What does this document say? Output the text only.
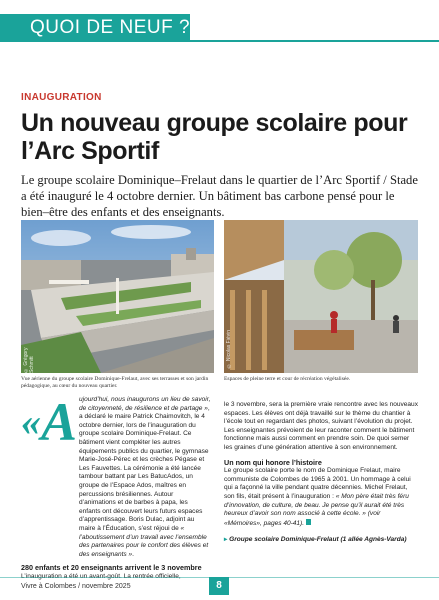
QUOI DE NEUF ?
INAUGURATION
Un nouveau groupe scolaire pour l’Arc Sportif
Le groupe scolaire Dominique–Frelaut dans le quartier de l’Arc Sportif / Stade a été inauguré le 4 octobre dernier. Un bâtiment bas carbone pensé pour le bien–être des enfants et des enseignants.
© Grégory Schmitt
Vue aérienne du groupe scolaire Dominique-Frelaut, avec ses terrasses et son jardin pédagogique, au cœur du nouveau quartier.
© Nicolas Fiévin
Espaces de pleine terre et cour de récréation végétalisée.
«A ujourd’hui, nous inaugurons un lieu de savoir, de citoyenneté, de résilience et de partage », a déclaré le maire Patrick Chaimovitch, le 4 octobre dernier, lors de l’inauguration du groupe scolaire Dominique-Frelaut. Ce bâtiment vient compléter les autres équipements publics du quartier, le gymnase Marie-José-Pérec et les crèches Pégase et Les Fauvettes. La cérémonie a été lancée tambour battant par Les BatucAdos, un groupe de l’Espace Ados, maîtres en percussions brésiliennes. Autour d’animations et de barbes à papa, les enfants ont découvert leurs futurs espaces d’apprentissage. Boris Dulac, adjoint au maire à l’Éducation, s’est réjoui de « l’aboutissement d’un travail avec l’ensemble des partenaires pour le confort des élèves et des enseignants ».

280 enfants et 20 enseignants arrivent le 3 novembre

le 3 novembre, sera la première vraie rencontre avec les nouveaux espaces. Les élèves ont déjà travaillé sur le thème du chantier à l’école tout en regardant des photos, suivant l’évolution du projet. Les enseignantes prévoient de leur raconter comment le bâtiment fonctionne mais aussi comment en prendre soin. De quoi semer les graines d’une génération attentive à son environnement.

Un nom qui honore l’histoire

Le groupe scolaire porte le nom de Dominique Frelaut, maire communiste de Colombes de 1965 à 2001. Un hommage à celui qui a façonné la ville pendant quatre décennies. Michel Frelaut, son fils, était présent à l’inauguration : « Mon père était très féru d’innovation, de culture, de beau. Je pense qu’il aurait été très heureux d’avoir son nom associé à cette école. » (voir «Mémoires», pages 40-41).

▸ Groupe scolaire Dominique-Frelaut (1 allée Agnès-Varda)

Vivre à Colombes / novembre 2025	8
